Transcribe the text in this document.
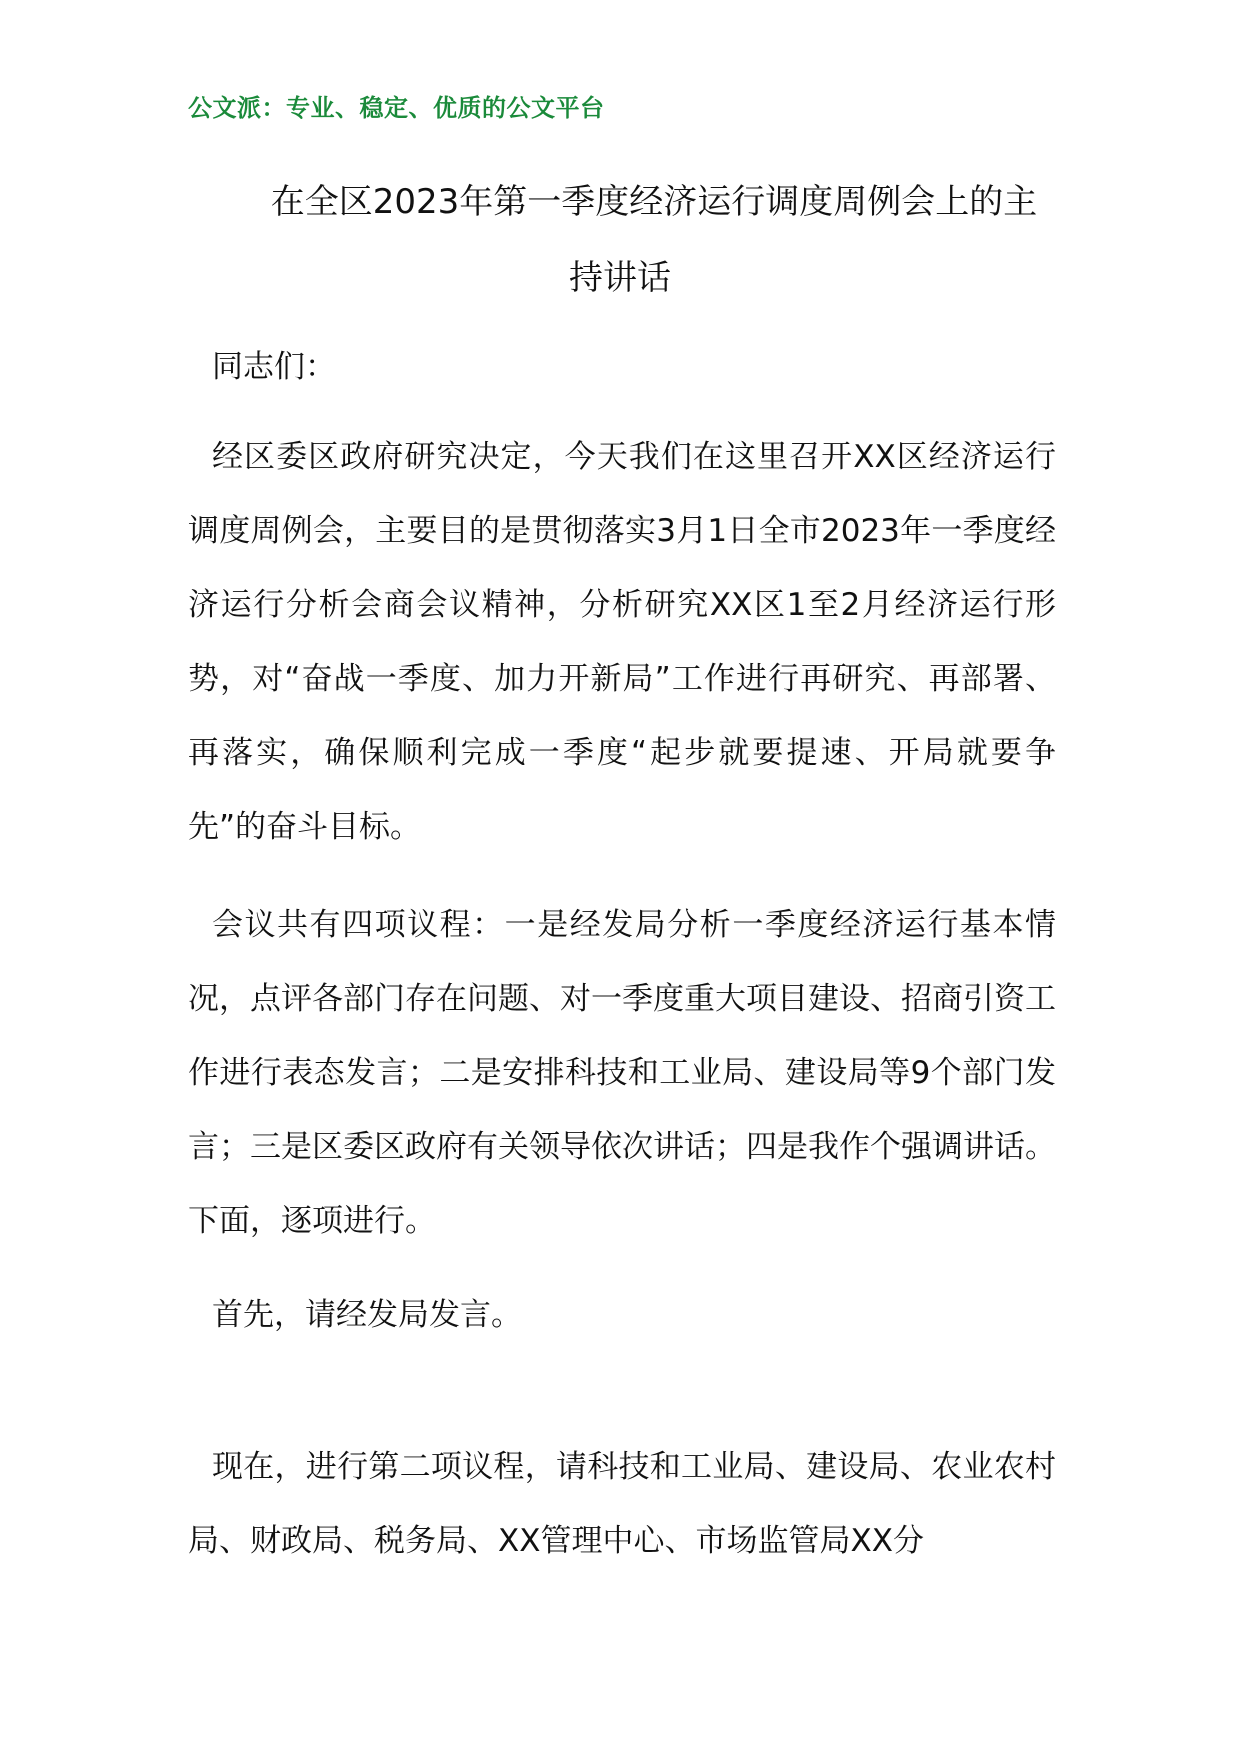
公文派：专业、稳定、优质的公文平台
在全区2023年第一季度经济运行调度周例会上的主持讲话
同志们：
经区委区政府研究决定，今天我们在这里召开XX区经济运行调度周例会，主要目的是贯彻落实3月1日全市2023年一季度经济运行分析会商会议精神，分析研究XX区1至2月经济运行形势，对“奋战一季度、加力开新局”工作进行再研究、再部署、再落实，确保顺利完成一季度“起步就要提速、开局就要争先”的奋斗目标。
会议共有四项议程：一是经发局分析一季度经济运行基本情况，点评各部门存在问题、对一季度重大项目建设、招商引资工作进行表态发言；二是安排科技和工业局、建设局等9个部门发言；三是区委区政府有关领导依次讲话；四是我作个强调讲话。下面，逐项进行。
首先，请经发局发言。
现在，进行第二项议程，请科技和工业局、建设局、农业农村局、财政局、税务局、XX管理中心、市场监管局XX分
